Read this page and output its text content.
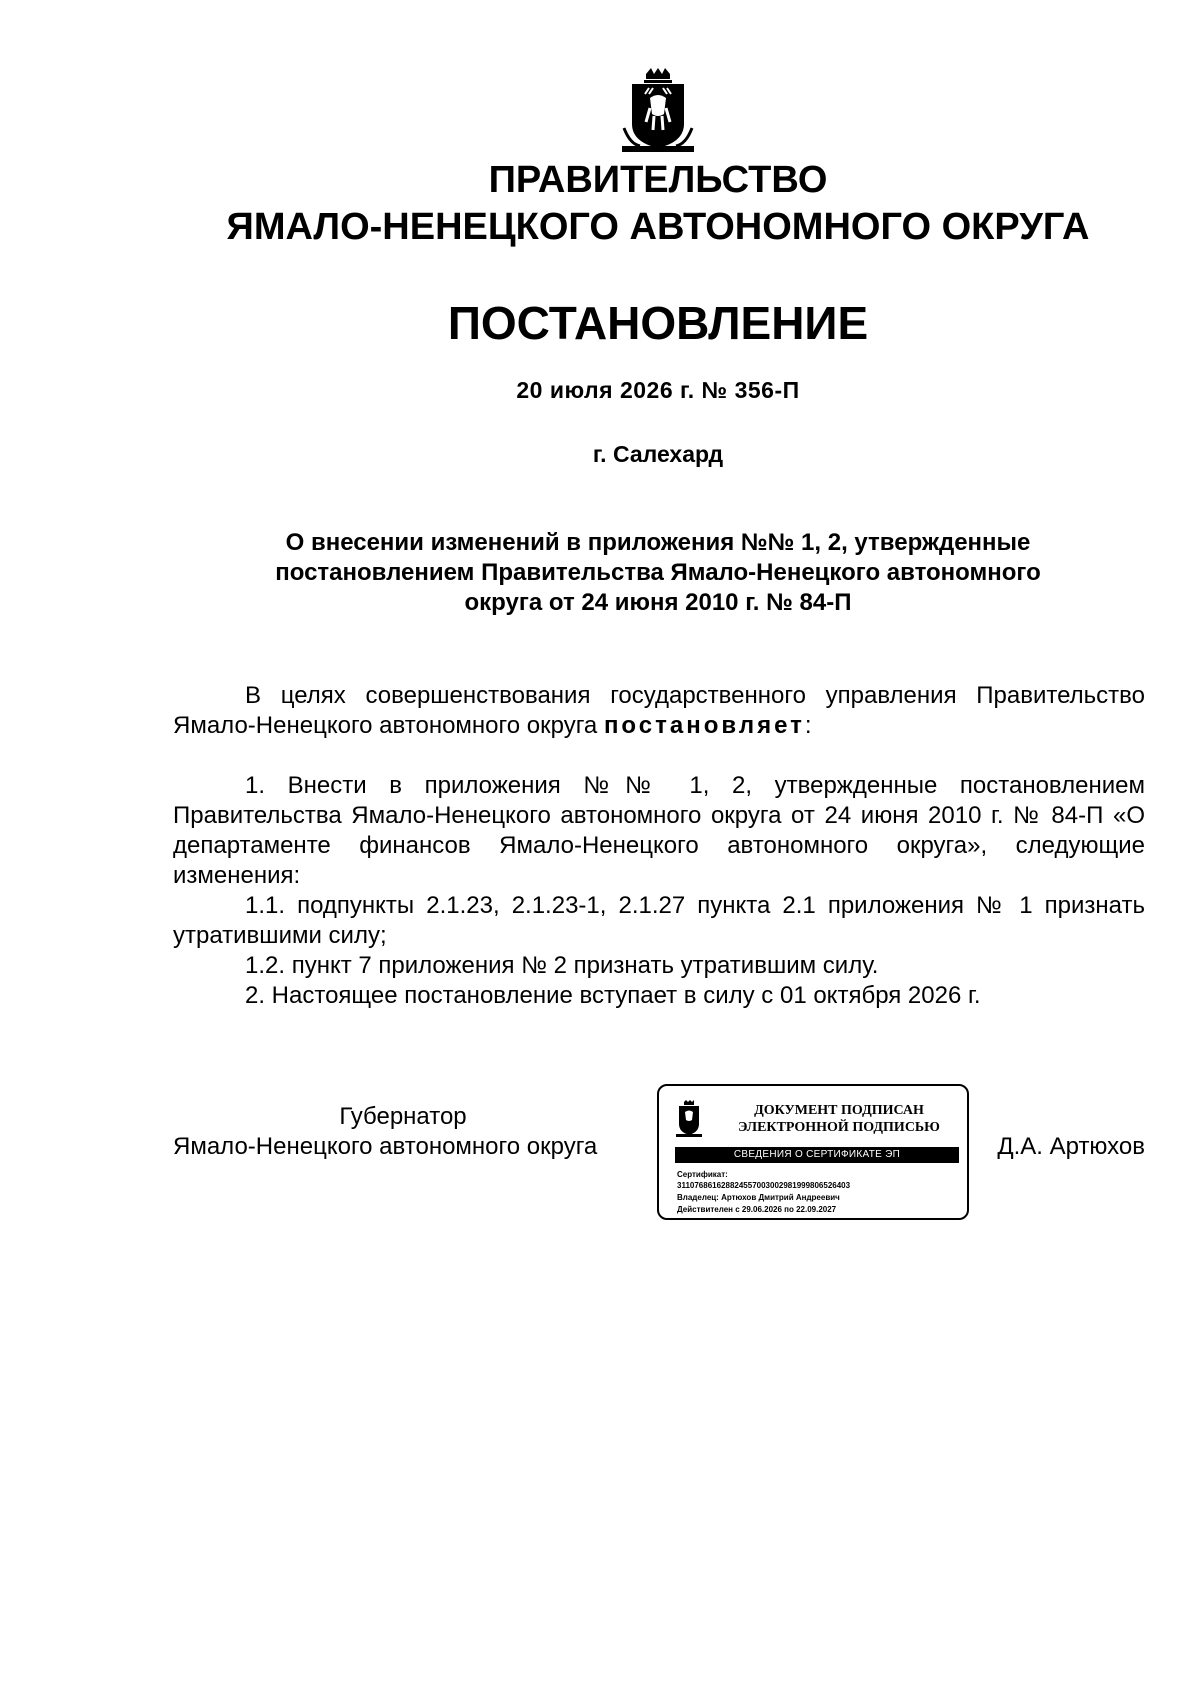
ПРАВИТЕЛЬСТВО
ЯМАЛО-НЕНЕЦКОГО АВТОНОМНОГО ОКРУГА
ПОСТАНОВЛЕНИЕ
20 июля 2026 г. № 356-П
г. Салехард
О внесении изменений в приложения №№ 1, 2, утвержденные
постановлением Правительства Ямало-Ненецкого автономного
округа от 24 июня 2010 г. № 84-П

В целях совершенствования государственного управления Правительство Ямало-Ненецкого автономного округа постановляет:

1. Внести в приложения №№ 1, 2, утвержденные постановлением Правительства Ямало-Ненецкого автономного округа от 24 июня 2010 г. № 84-П «О департаменте финансов Ямало-Ненецкого автономного округа», следующие изменения:

1.1. подпункты 2.1.23, 2.1.23-1, 2.1.27 пункта 2.1 приложения № 1 признать утратившими силу;

1.2. пункт 7 приложения № 2 признать утратившим силу.

2. Настоящее постановление вступает в силу с 01 октября 2026 г.

Губернатор
Ямало-Ненецкого автономного округа
ДОКУМЕНТ ПОДПИСАН
ЭЛЕКТРОННОЙ ПОДПИСЬЮ
СВЕДЕНИЯ О СЕРТИФИКАТЕ ЭП
Сертификат:
311076861628824557003002981999806526403
Владелец: Артюхов Дмитрий Андреевич
Действителен с 29.06.2026 по 22.09.2027
Д.А. Артюхов
